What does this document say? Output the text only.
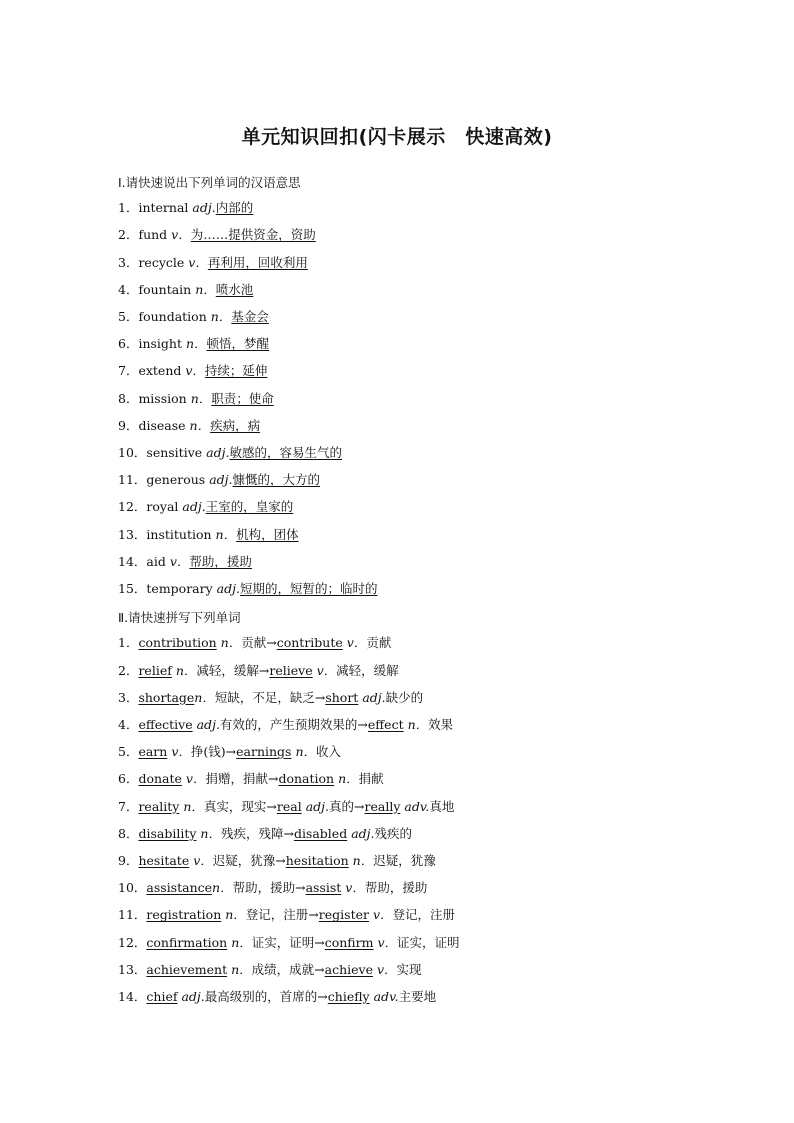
单元知识回扣(闪卡展示　快速高效)
Ⅰ.请快速说出下列单词的汉语意思
1．internal adj.内部的
2．fund v．为……提供资金，资助
3．recycle v．再利用，回收利用
4．fountain n．喷水池
5．foundation n．基金会
6．insight n．顿悟，梦醒
7．extend v．持续；延伸
8．mission n．职责；使命
9．disease n．疾病，病
10．sensitive adj.敏感的，容易生气的
11．generous adj.慷慨的，大方的
12．royal adj.王室的，皇家的
13．institution n．机构，团体
14．aid v．帮助，援助
15．temporary adj.短期的，短暂的；临时的
Ⅱ.请快速拼写下列单词
1．contribution n．贡献→contribute v．贡献
2．relief n．减轻，缓解→relieve v．减轻，缓解
3．shortagen．短缺，不足，缺乏→short adj.缺少的
4．effective adj.有效的，产生预期效果的→effect n．效果
5．earn v．挣(钱)→earnings n．收入
6．donate v．捐赠，捐献→donation n．捐献
7．reality n．真实，现实→real adj.真的→really adv.真地
8．disability n．残疾，残障→disabled adj.残疾的
9．hesitate v．迟疑，犹豫→hesitation n．迟疑，犹豫
10．assistancen．帮助，援助→assist v．帮助，援助
11．registration n．登记，注册→register v．登记，注册
12．confirmation n．证实，证明→confirm v．证实，证明
13．achievement n．成绩，成就→achieve v．实现
14．chief adj.最高级别的，首席的→chiefly adv.主要地
